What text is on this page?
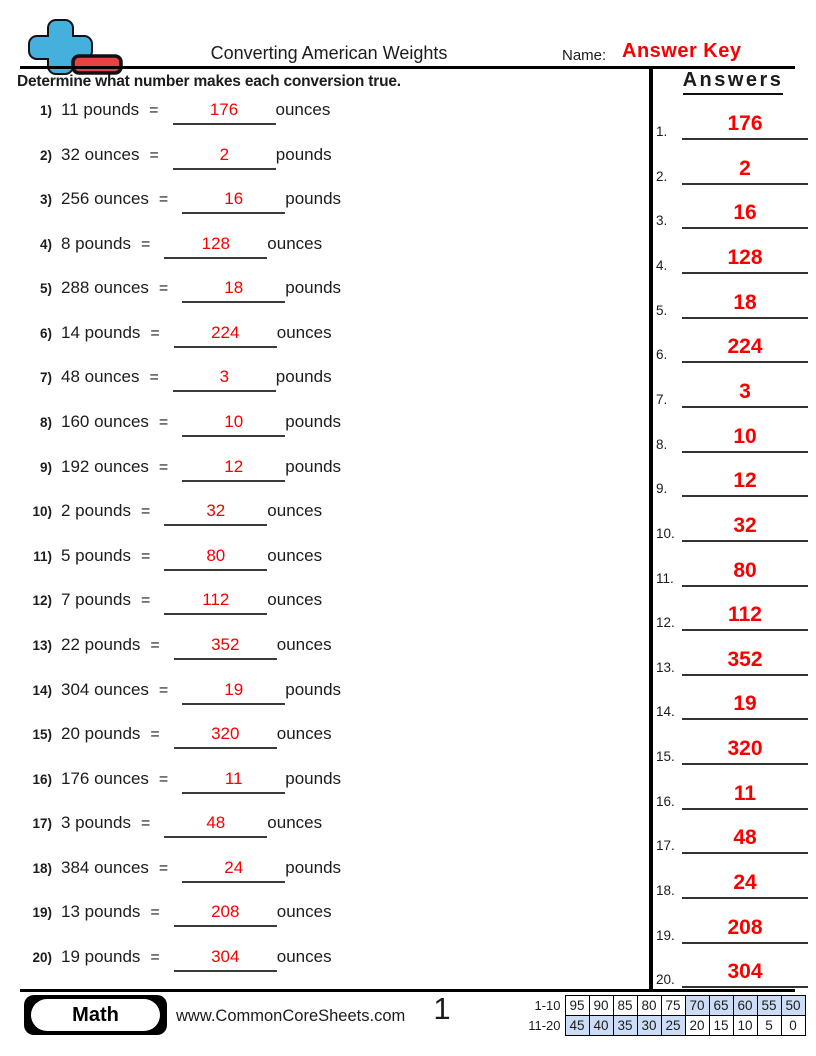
Converting American Weights	Name: Answer Key
Determine what number makes each conversion true.
1) 11 pounds =	176	ounces
2) 32 ounces =	2	pounds
3) 256 ounces =	16	pounds
4) 8 pounds =	128	ounces
5) 288 ounces =	18	pounds
6) 14 pounds =	224	ounces
7) 48 ounces =	3	pounds
8) 160 ounces =	10	pounds
9) 192 ounces =	12	pounds
10) 2 pounds =	32	ounces
11) 5 pounds =	80	ounces
12) 7 pounds =	112	ounces
13) 22 pounds =	352	ounces
14) 304 ounces =	19	pounds
15) 20 pounds =	320	ounces
16) 176 ounces =	11	pounds
17) 3 pounds =	48	ounces
18) 384 ounces =	24	pounds
19) 13 pounds =	208	ounces
20) 19 pounds =	304	ounces
Answers
1.	176
2.	2
3.	16
4.	128
5.	18
6.	224
7.	3
8.	10
9.	12
10.	32
11.	80
12.	112
13.	352
14.	19
15.	320
16.	11
17.	48
18.	24
19.	208
20.	304
Math	www.CommonCoreSheets.com 1	1-10	95	90	85	80	75	70	65	60	55	50
11-20	45	40	35	30	25	20	15	10	5	0
